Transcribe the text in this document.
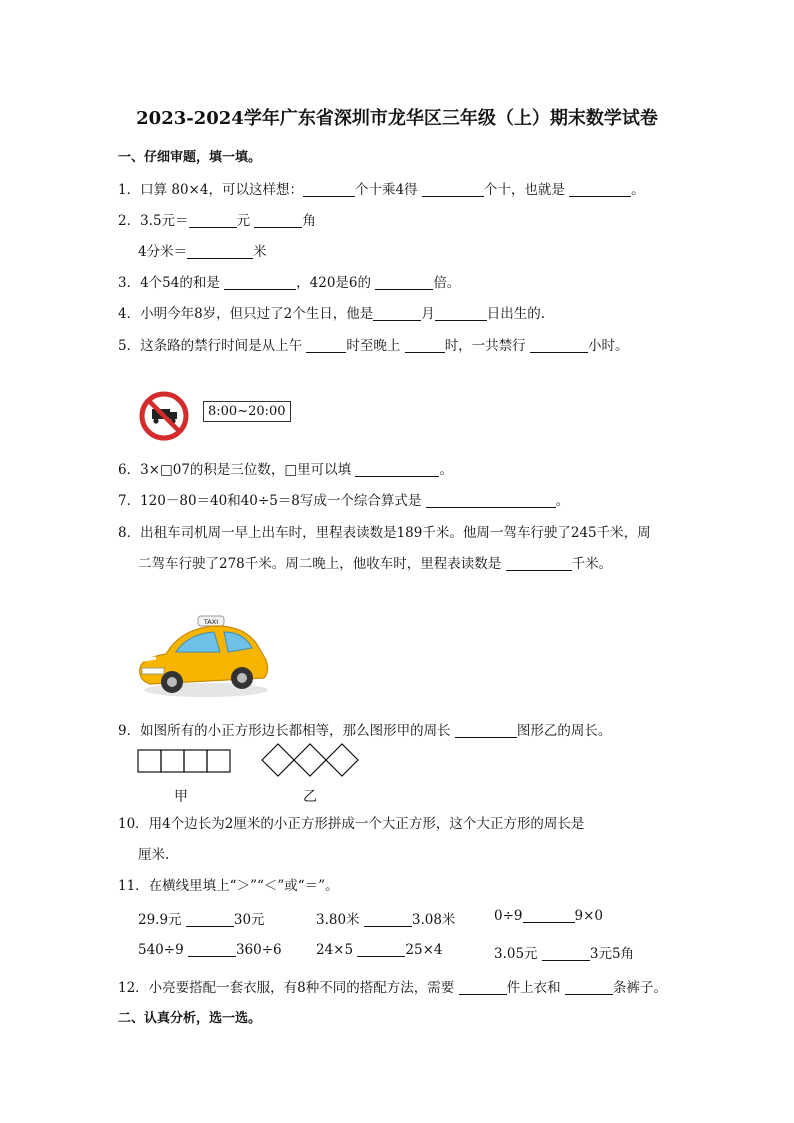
2023-2024学年广东省深圳市龙华区三年级（上）期末数学试卷
一、仔细审题，填一填。
1．口算 80×4，可以这样想：	个十乘4得	个十，也就是	。
2．3.5元＝	元	角
4分米＝	米
3．4个54的和是	，420是6的	倍。
4．小明今年8岁，但只过了2个生日，他是	月	日出生的.
5．这条路的禁行时间是从上午	时至晚上	时，一共禁行	小时。
8:00~20:00
6．3×□07的积是三位数，□里可以填	。
7．120－80＝40和40÷5＝8写成一个综合算式是	。
8．出租车司机周一早上出车时，里程表读数是189千米。他周一驾车行驶了245千米，周
二驾车行驶了278千米。周二晚上，他收车时，里程表读数是	千米。
TAXI
9．如图所有的小正方形边长都相等，那么图形甲的周长	图形乙的周长。
甲	乙
10．用4个边长为2厘米的小正方形拼成一个大正方形，这个大正方形的周长是
厘米.
11．在横线里填上“＞”“＜”或“＝”。
29.9元	30元	3.80米	3.08米	0÷9	9×0
540÷9	360÷6	24×5	25×4	3.05元	3元5角
12．小亮要搭配一套衣服，有8种不同的搭配方法，需要	件上衣和	条裤子。
二、认真分析，选一选。
